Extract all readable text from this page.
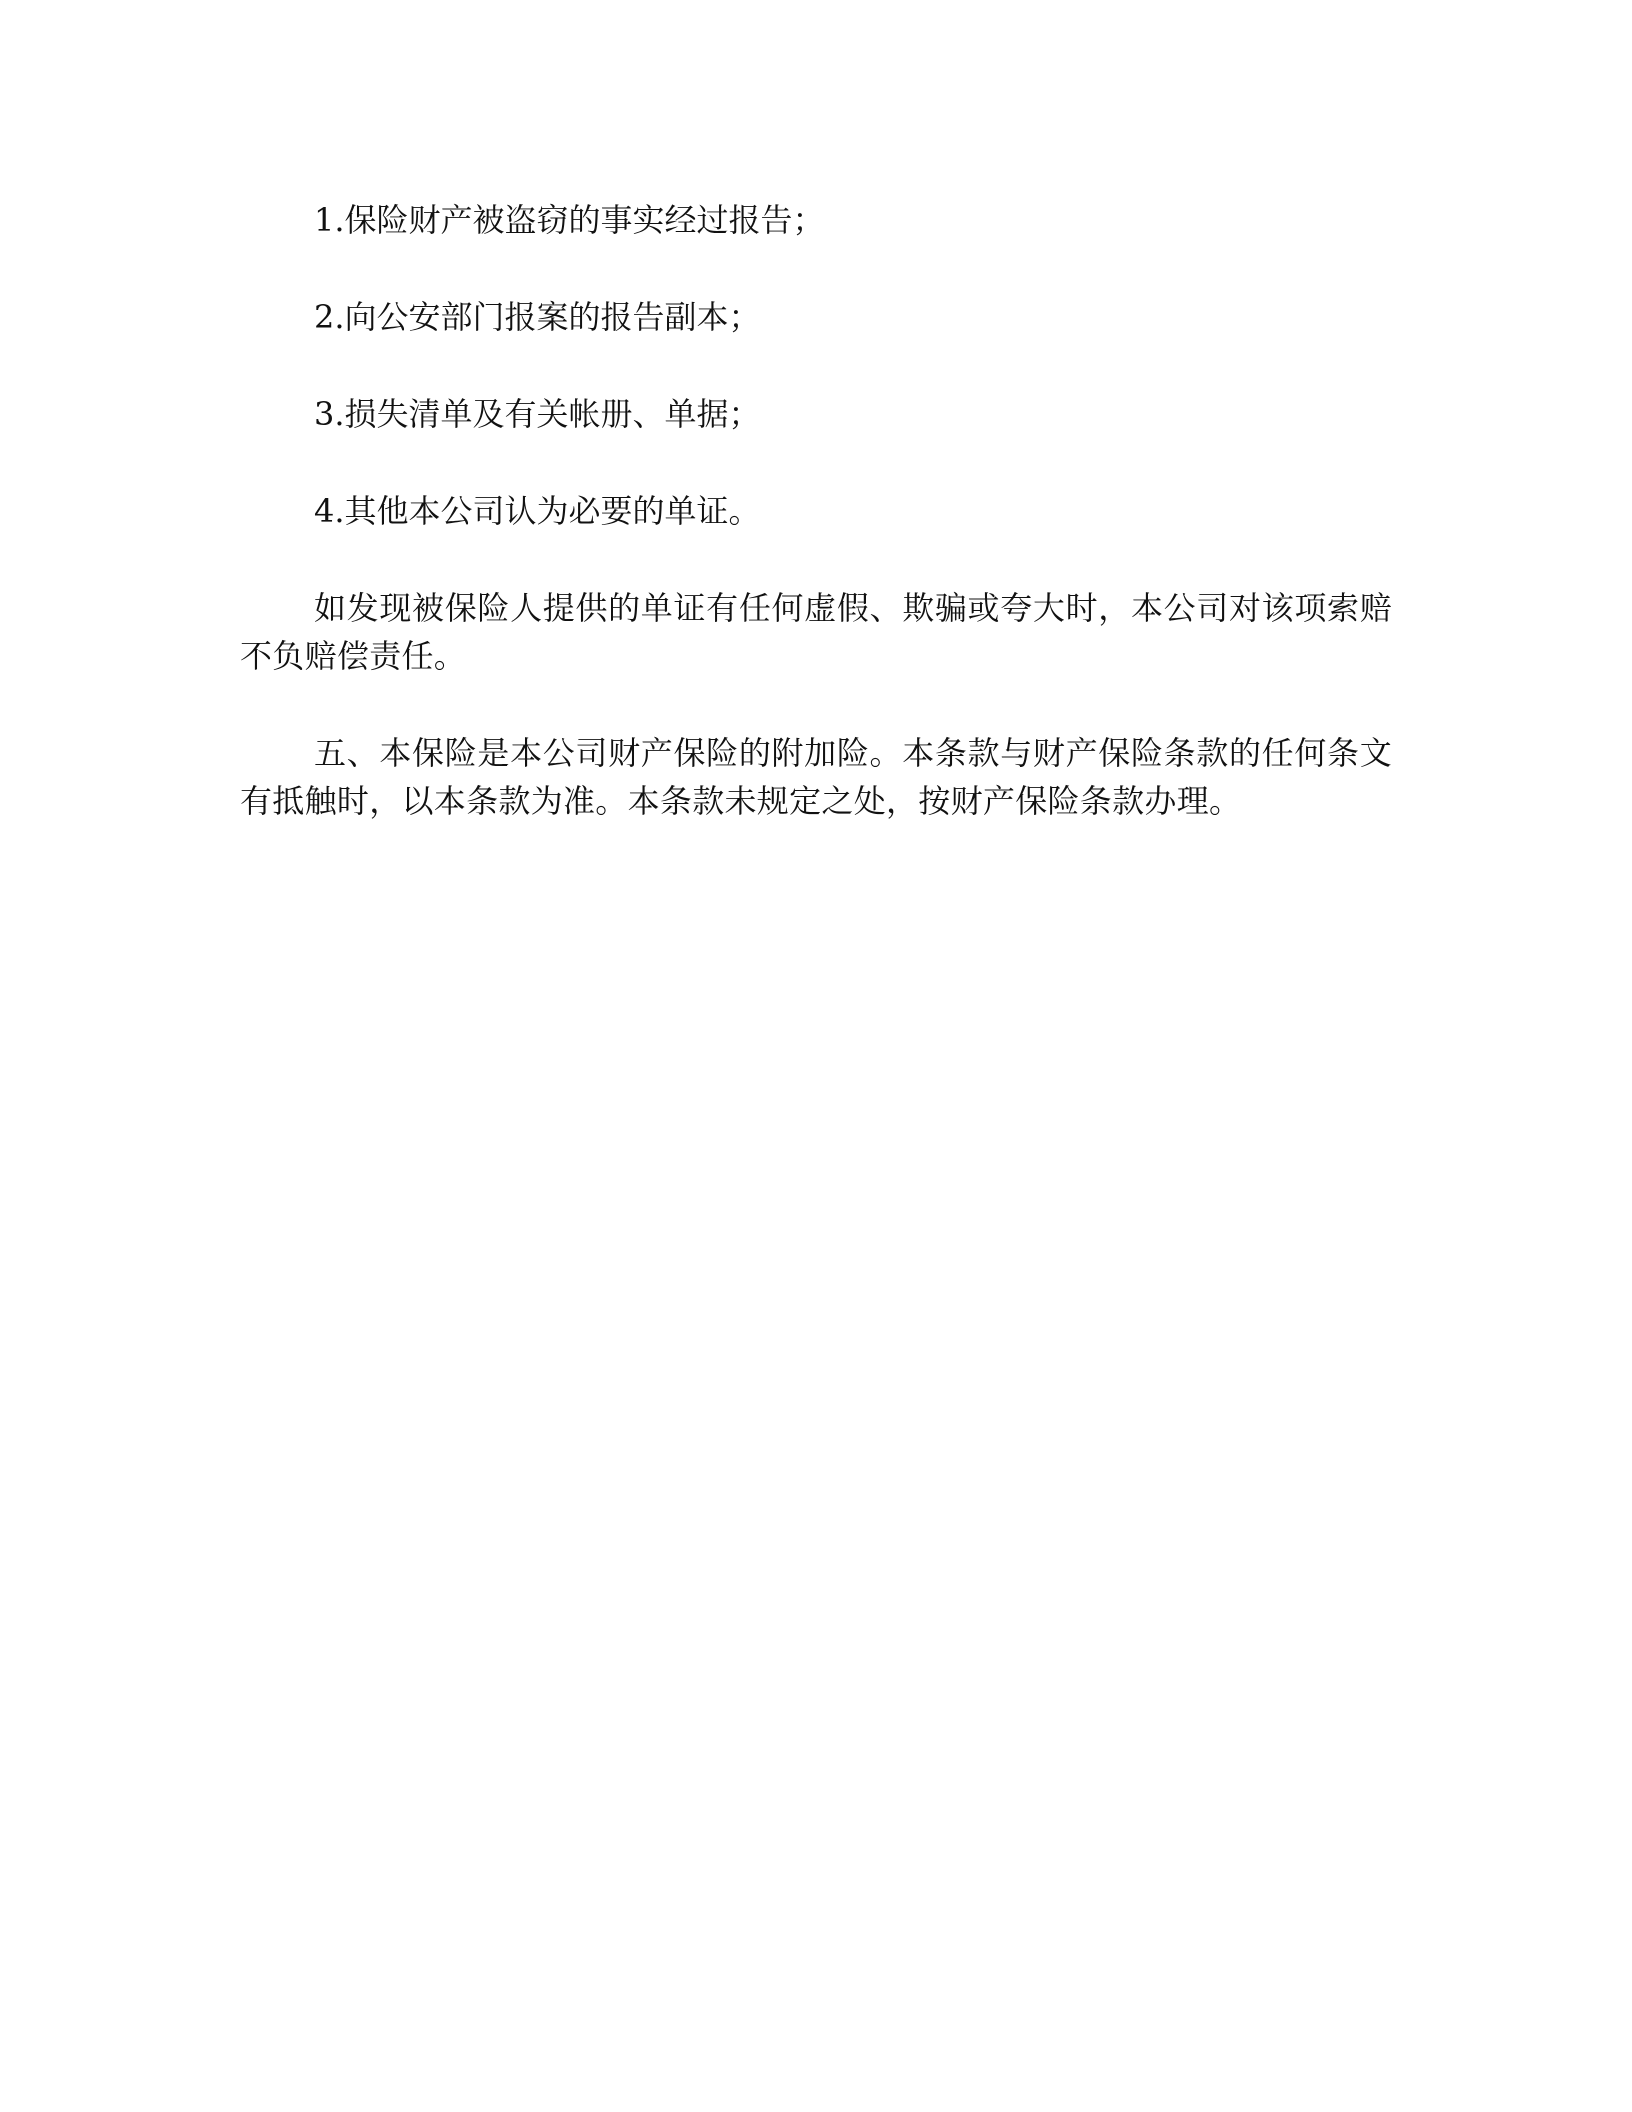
1.保险财产被盗窃的事实经过报告；

2.向公安部门报案的报告副本；

3.损失清单及有关帐册、单据；

4.其他本公司认为必要的单证。

如发现被保险人提供的单证有任何虚假、欺骗或夸大时，本公司对该项索赔不负赔偿责任。

五、本保险是本公司财产保险的附加险。本条款与财产保险条款的任何条文有抵触时，以本条款为准。本条款未规定之处，按财产保险条款办理。
